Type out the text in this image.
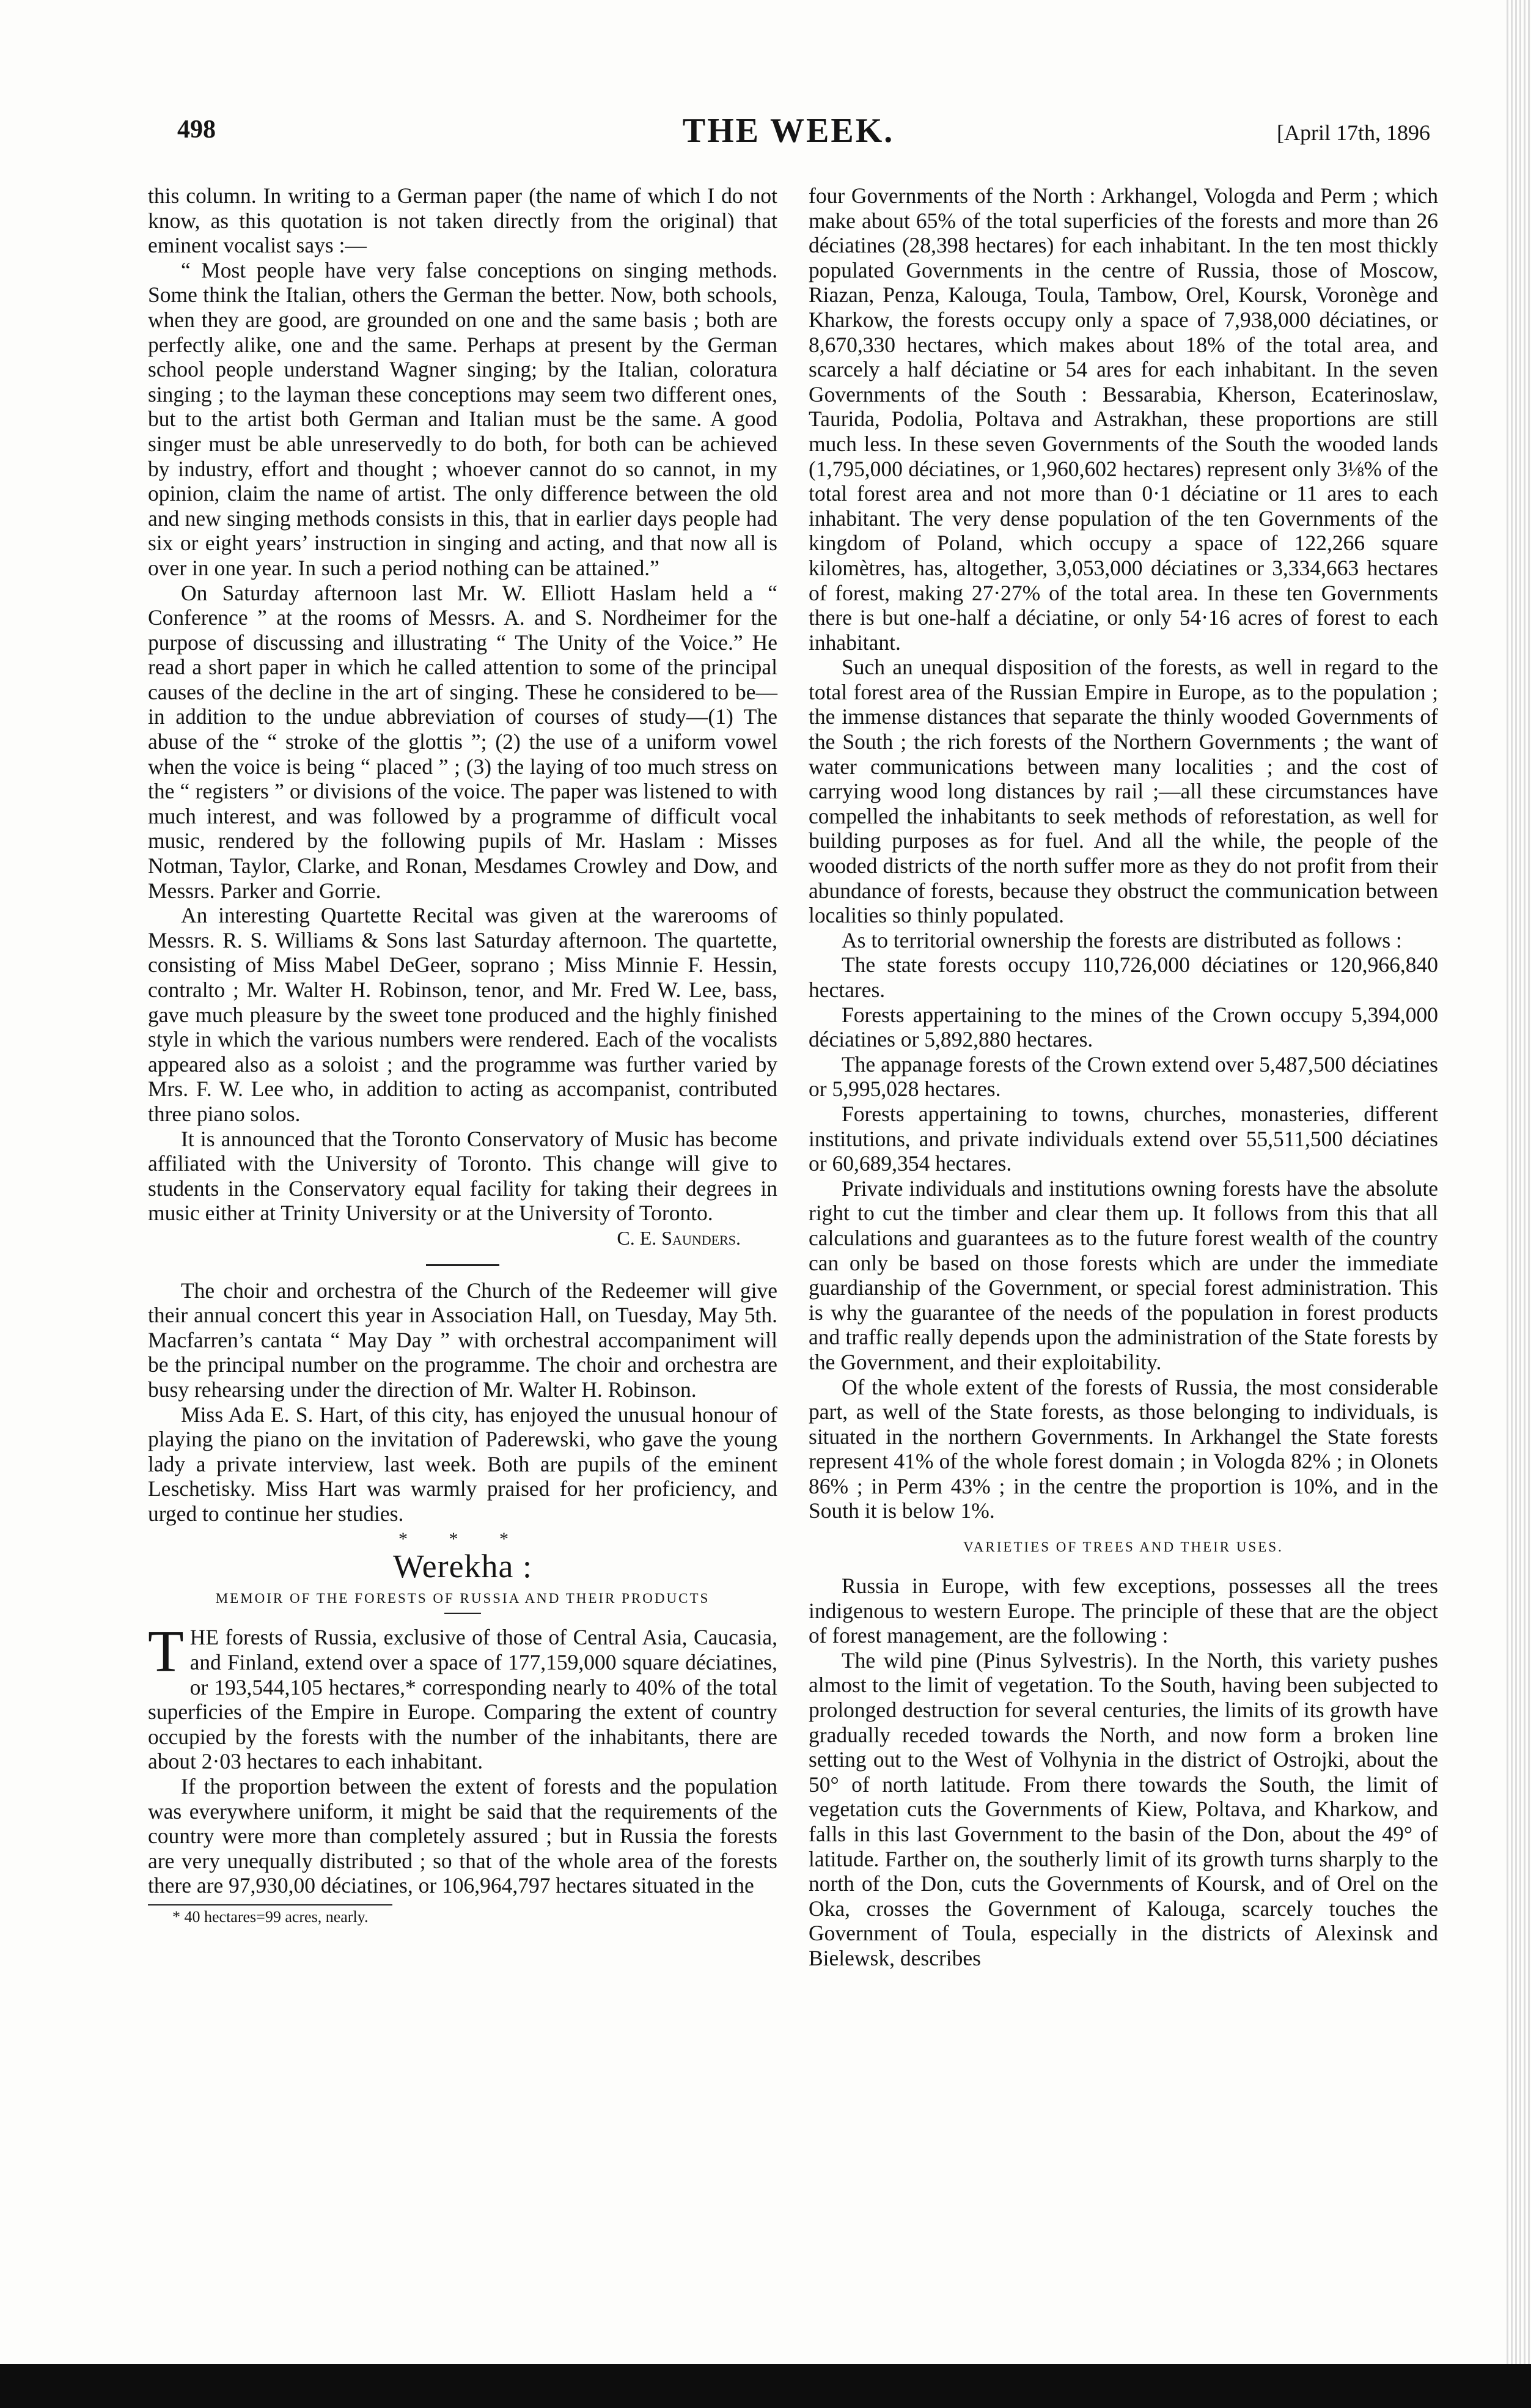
498	THE WEEK.	[April 17th, 1896

this column. In writing to a German paper (the name of which I do not know, as this quotation is not taken directly from the original) that eminent vocalist says :—

“ Most people have very false conceptions on singing methods. Some think the Italian, others the German the better. Now, both schools, when they are good, are grounded on one and the same basis ; both are perfectly alike, one and the same. Perhaps at present by the German school people understand Wagner singing; by the Italian, coloratura singing ; to the layman these conceptions may seem two different ones, but to the artist both German and Italian must be the same. A good singer must be able unreservedly to do both, for both can be achieved by industry, effort and thought ; whoever cannot do so cannot, in my opinion, claim the name of artist. The only difference between the old and new singing methods consists in this, that in earlier days people had six or eight years’ instruction in singing and acting, and that now all is over in one year. In such a period nothing can be attained.”

On Saturday afternoon last Mr. W. Elliott Haslam held a “ Conference ” at the rooms of Messrs. A. and S. Nordheimer for the purpose of discussing and illustrating “ The Unity of the Voice.” He read a short paper in which he called attention to some of the principal causes of the decline in the art of singing. These he considered to be—in addition to the undue abbreviation of courses of study—(1) The abuse of the “ stroke of the glottis ”; (2) the use of a uniform vowel when the voice is being “ placed ” ; (3) the laying of too much stress on the “ registers ” or divisions of the voice. The paper was listened to with much interest, and was followed by a programme of difficult vocal music, rendered by the following pupils of Mr. Haslam : Misses Notman, Taylor, Clarke, and Ronan, Mesdames Crowley and Dow, and Messrs. Parker and Gorrie.

An interesting Quartette Recital was given at the warerooms of Messrs. R. S. Williams & Sons last Saturday afternoon. The quartette, consisting of Miss Mabel DeGeer, soprano ; Miss Minnie F. Hessin, contralto ; Mr. Walter H. Robinson, tenor, and Mr. Fred W. Lee, bass, gave much pleasure by the sweet tone produced and the highly finished style in which the various numbers were rendered. Each of the vocalists appeared also as a soloist ; and the programme was further varied by Mrs. F. W. Lee who, in addition to acting as accompanist, contributed three piano solos.

It is announced that the Toronto Conservatory of Music has become affiliated with the University of Toronto. This change will give to students in the Conservatory equal facility for taking their degrees in music either at Trinity University or at the University of Toronto.

C. E. Saunders.

The choir and orchestra of the Church of the Redeemer will give their annual concert this year in Association Hall, on Tuesday, May 5th. Macfarren’s cantata “ May Day ” with orchestral accompaniment will be the principal number on the programme. The choir and orchestra are busy rehearsing under the direction of Mr. Walter H. Robinson.

Miss Ada E. S. Hart, of this city, has enjoyed the unusual honour of playing the piano on the invitation of Paderewski, who gave the young lady a private interview, last week. Both are pupils of the eminent Leschetisky. Miss Hart was warmly praised for her proficiency, and urged to continue her studies.

* * *
Werekha :
MEMOIR OF THE FORESTS OF RUSSIA AND THEIR PRODUCTS

THE forests of Russia, exclusive of those of Central Asia, Caucasia, and Finland, extend over a space of 177,159,000 square déciatines, or 193,544,105 hectares,* corresponding nearly to 40% of the total superficies of the Empire in Europe. Comparing the extent of country occupied by the forests with the number of the inhabitants, there are about 2·03 hectares to each inhabitant.

If the proportion between the extent of forests and the population was everywhere uniform, it might be said that the requirements of the country were more than completely assured ; but in Russia the forests are very unequally distributed ; so that of the whole area of the forests there are 97,930,00 déciatines, or 106,964,797 hectares situated in the

* 40 hectares=99 acres, nearly.

four Governments of the North : Arkhangel, Vologda and Perm ; which make about 65% of the total superficies of the forests and more than 26 déciatines (28,398 hectares) for each inhabitant. In the ten most thickly populated Governments in the centre of Russia, those of Moscow, Riazan, Penza, Kalouga, Toula, Tambow, Orel, Koursk, Voronège and Kharkow, the forests occupy only a space of 7,938,000 déciatines, or 8,670,330 hectares, which makes about 18% of the total area, and scarcely a half déciatine or 54 ares for each inhabitant. In the seven Governments of the South : Bessarabia, Kherson, Ecaterinoslaw, Taurida, Podolia, Poltava and Astrakhan, these proportions are still much less. In these seven Governments of the South the wooded lands (1,795,000 déciatines, or 1,960,602 hectares) represent only 3⅛% of the total forest area and not more than 0·1 déciatine or 11 ares to each inhabitant. The very dense population of the ten Governments of the kingdom of Poland, which occupy a space of 122,266 square kilomètres, has, altogether, 3,053,000 déciatines or 3,334,663 hectares of forest, making 27·27% of the total area. In these ten Governments there is but one-half a déciatine, or only 54·16 acres of forest to each inhabitant.

Such an unequal disposition of the forests, as well in regard to the total forest area of the Russian Empire in Europe, as to the population ; the immense distances that separate the thinly wooded Governments of the South ; the rich forests of the Northern Governments ; the want of water communications between many localities ; and the cost of carrying wood long distances by rail ;—all these circumstances have compelled the inhabitants to seek methods of reforestation, as well for building purposes as for fuel. And all the while, the people of the wooded districts of the north suffer more as they do not profit from their abundance of forests, because they obstruct the communication between localities so thinly populated.

As to territorial ownership the forests are distributed as follows :

The state forests occupy 110,726,000 déciatines or 120,966,840 hectares.

Forests appertaining to the mines of the Crown occupy 5,394,000 déciatines or 5,892,880 hectares.

The appanage forests of the Crown extend over 5,487,500 déciatines or 5,995,028 hectares.

Forests appertaining to towns, churches, monasteries, different institutions, and private individuals extend over 55,511,500 déciatines or 60,689,354 hectares.

Private individuals and institutions owning forests have the absolute right to cut the timber and clear them up. It follows from this that all calculations and guarantees as to the future forest wealth of the country can only be based on those forests which are under the immediate guardianship of the Government, or special forest administration. This is why the guarantee of the needs of the population in forest products and traffic really depends upon the administration of the State forests by the Government, and their exploitability.

Of the whole extent of the forests of Russia, the most considerable part, as well of the State forests, as those belonging to individuals, is situated in the northern Governments. In Arkhangel the State forests represent 41% of the whole forest domain ; in Vologda 82% ; in Olonets 86% ; in Perm 43% ; in the centre the proportion is 10%, and in the South it is below 1%.

VARIETIES OF TREES AND THEIR USES.

Russia in Europe, with few exceptions, possesses all the trees indigenous to western Europe. The principle of these that are the object of forest management, are the following :

The wild pine (Pinus Sylvestris). In the North, this variety pushes almost to the limit of vegetation. To the South, having been subjected to prolonged destruction for several centuries, the limits of its growth have gradually receded towards the North, and now form a broken line setting out to the West of Volhynia in the district of Ostrojki, about the 50° of north latitude. From there towards the South, the limit of vegetation cuts the Governments of Kiew, Poltava, and Kharkow, and falls in this last Government to the basin of the Don, about the 49° of latitude. Farther on, the southerly limit of its growth turns sharply to the north of the Don, cuts the Governments of Koursk, and of Orel on the Oka, crosses the Government of Kalouga, scarcely touches the Government of Toula, especially in the districts of Alexinsk and Bielewsk, describes
